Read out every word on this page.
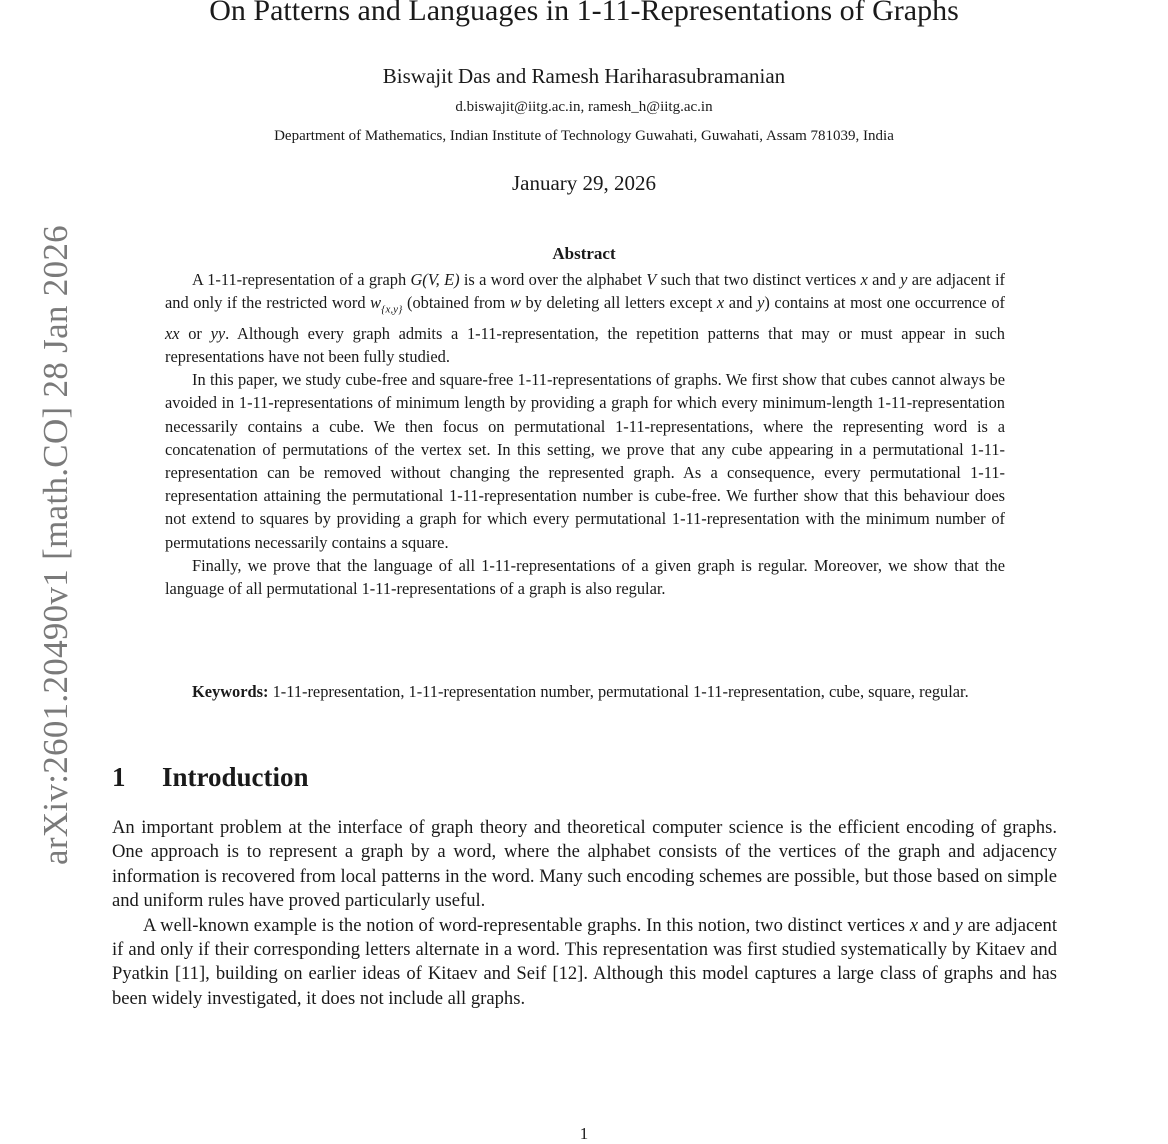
arXiv:2601.20490v1 [math.CO] 28 Jan 2026
On Patterns and Languages in 1-11-Representations of Graphs
Biswajit Das and Ramesh Hariharasubramanian
d.biswajit@iitg.ac.in, ramesh_h@iitg.ac.in
Department of Mathematics, Indian Institute of Technology Guwahati, Guwahati, Assam 781039, India
January 29, 2026
Abstract

A 1-11-representation of a graph G(V, E) is a word over the alphabet V such that two distinct vertices x and y are adjacent if and only if the restricted word $w_{\{x,y\}}$ (obtained from w by deleting all letters except x and y) contains at most one occurrence of xx or yy. Although every graph admits a 1-11-representation, the repetition patterns that may or must appear in such representations have not been fully studied.

In this paper, we study cube-free and square-free 1-11-representations of graphs. We first show that cubes cannot always be avoided in 1-11-representations of minimum length by providing a graph for which every minimum-length 1-11-representation necessarily contains a cube. We then focus on permutational 1-11-representations, where the representing word is a concatenation of permutations of the vertex set. In this setting, we prove that any cube appearing in a permutational 1-11-representation can be removed without changing the represented graph. As a consequence, every permutational 1-11-representation attaining the permutational 1-11-representation number is cube-free. We further show that this behaviour does not extend to squares by providing a graph for which every permutational 1-11-representation with the minimum number of permutations necessarily contains a square.

Finally, we prove that the language of all 1-11-representations of a given graph is regular. Moreover, we show that the language of all permutational 1-11-representations of a graph is also regular.

Keywords: 1-11-representation, 1-11-representation number, permutational 1-11-representation, cube, square, regular.
1 Introduction

An important problem at the interface of graph theory and theoretical computer science is the efficient encoding of graphs. One approach is to represent a graph by a word, where the alphabet consists of the vertices of the graph and adjacency information is recovered from local patterns in the word. Many such encoding schemes are possible, but those based on simple and uniform rules have proved particularly useful.

A well-known example is the notion of word-representable graphs. In this notion, two distinct vertices x and y are adjacent if and only if their corresponding letters alternate in a word. This representation was first studied systematically by Kitaev and Pyatkin [11], building on earlier ideas of Kitaev and Seif [12]. Although this model captures a large class of graphs and has been widely investigated, it does not include all graphs.

1
